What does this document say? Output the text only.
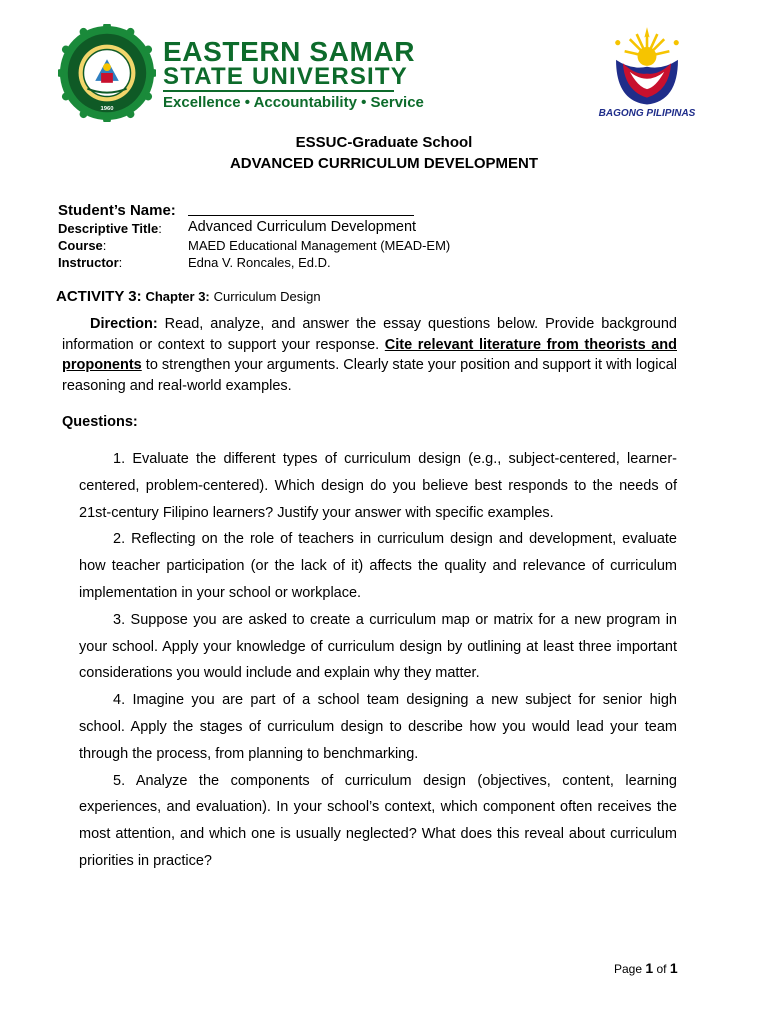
1960
EASTERN SAMAR
STATE UNIVERSITY
Excellence • Accountability • Service
BAGONG PILIPINAS
ESSUC-Graduate School
ADVANCED CURRICULUM DEVELOPMENT
Student’s Name:
Descriptive Title: Advanced Curriculum Development
Course:	MAED Educational Management (MEAD-EM)
Instructor:	Edna V. Roncales, Ed.D.
ACTIVITY 3: Chapter 3: Curriculum Design
Direction: Read, analyze, and answer the essay questions below. Provide background information or context to support your response. Cite relevant literature from theorists and proponents to strengthen your arguments. Clearly state your position and support it with logical reasoning and real-world examples.
Questions:

1. Evaluate the different types of curriculum design (e.g., subject-centered, learner-centered, problem-centered). Which design do you believe best responds to the needs of 21st-century Filipino learners? Justify your answer with specific examples.

2. Reflecting on the role of teachers in curriculum design and development, evaluate how teacher participation (or the lack of it) affects the quality and relevance of curriculum implementation in your school or workplace.

3. Suppose you are asked to create a curriculum map or matrix for a new program in your school. Apply your knowledge of curriculum design by outlining at least three important considerations you would include and explain why they matter.

4. Imagine you are part of a school team designing a new subject for senior high school. Apply the stages of curriculum design to describe how you would lead your team through the process, from planning to benchmarking.

5. Analyze the components of curriculum design (objectives, content, learning experiences, and evaluation). In your school’s context, which component often receives the most attention, and which one is usually neglected? What does this reveal about curriculum priorities in practice?

Page 1 of 1
